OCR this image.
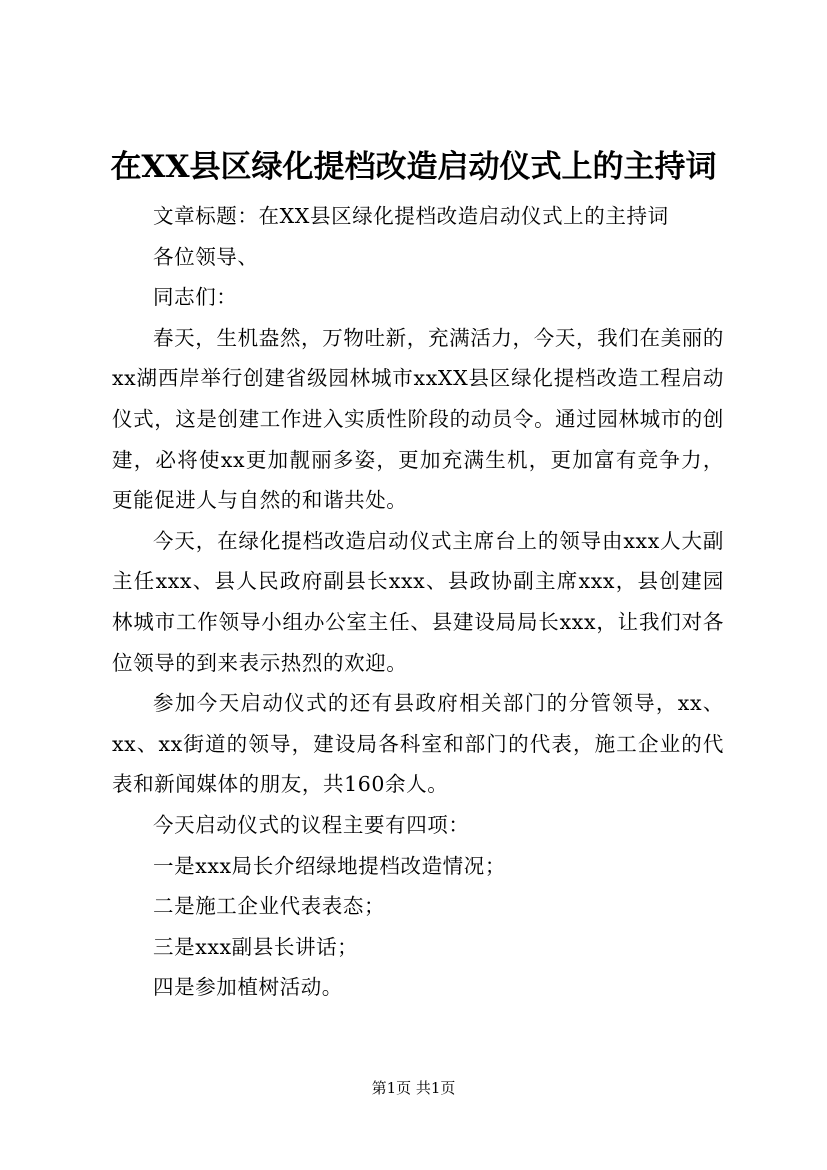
在XX县区绿化提档改造启动仪式上的主持词

文章标题：在XX县区绿化提档改造启动仪式上的主持词

各位领导、

同志们：

春天，生机盎然，万物吐新，充满活力，今天，我们在美丽的xx湖西岸举行创建省级园林城市xxXX县区绿化提档改造工程启动仪式，这是创建工作进入实质性阶段的动员令。通过园林城市的创建，必将使xx更加靓丽多姿，更加充满生机，更加富有竞争力，更能促进人与自然的和谐共处。

今天，在绿化提档改造启动仪式主席台上的领导由xxx人大副主任xxx、县人民政府副县长xxx、县政协副主席xxx，县创建园林城市工作领导小组办公室主任、县建设局局长xxx，让我们对各位领导的到来表示热烈的欢迎。

参加今天启动仪式的还有县政府相关部门的分管领导，xx、xx、xx街道的领导，建设局各科室和部门的代表，施工企业的代表和新闻媒体的朋友，共160余人。

今天启动仪式的议程主要有四项：

一是xxx局长介绍绿地提档改造情况；

二是施工企业代表表态；

三是xxx副县长讲话；

四是参加植树活动。

第1页 共1页
